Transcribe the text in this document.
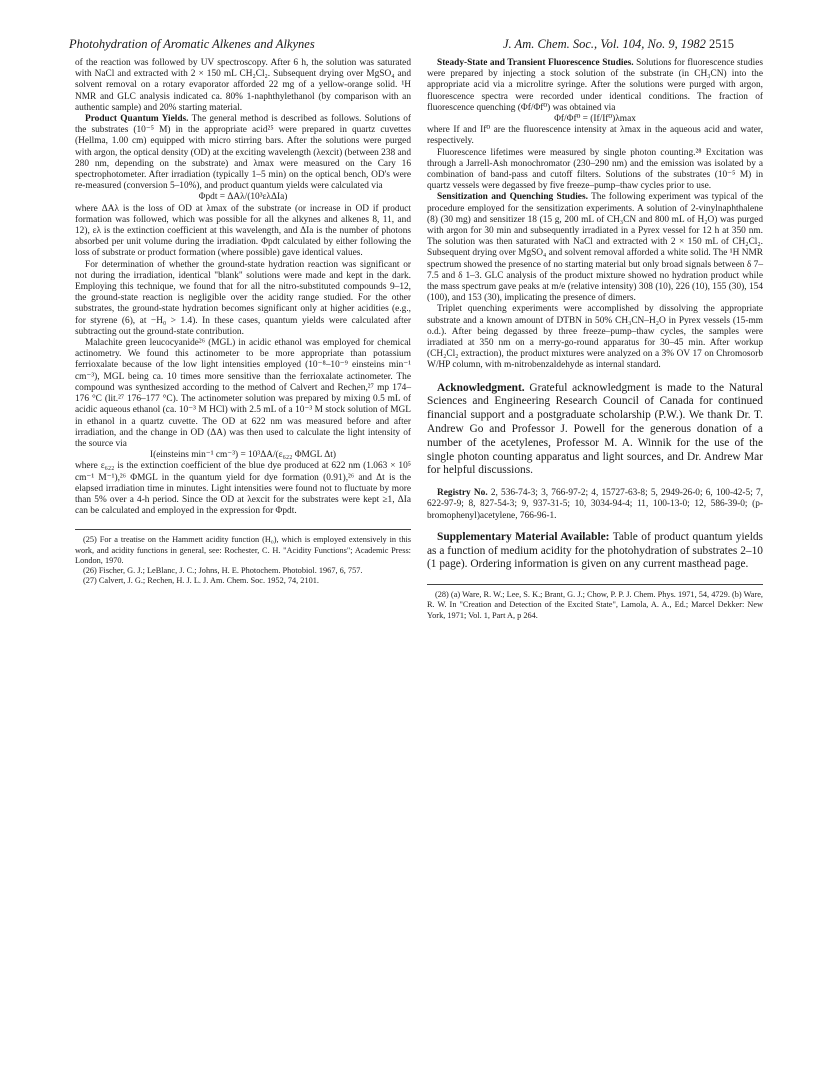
Photohydration of Aromatic Alkenes and Alkynes	J. Am. Chem. Soc., Vol. 104, No. 9, 1982 2515

of the reaction was followed by UV spectroscopy. After 6 h, the solution was saturated with NaCl and extracted with 2 × 150 mL CH₂Cl₂. Subsequent drying over MgSO₄ and solvent removal on a rotary evaporator afforded 22 mg of a yellow-orange solid. ¹H NMR and GLC analysis indicated ca. 80% 1-naphthylethanol (by comparison with an authentic sample) and 20% starting material.

Product Quantum Yields. The general method is described as follows. Solutions of the substrates (10⁻⁵ M) in the appropriate acid²⁵ were prepared in quartz cuvettes (Hellma, 1.00 cm) equipped with micro stirring bars. After the solutions were purged with argon, the optical density (OD) at the exciting wavelength (λexcit) (between 238 and 280 nm, depending on the substrate) and λmax were measured on the Cary 16 spectrophotometer. After irradiation (typically 1–5 min) on the optical bench, OD's were re-measured (conversion 5–10%), and product quantum yields were calculated via

Φpdt = ΔAλ/(10³ελΔIa)

where ΔAλ is the loss of OD at λmax of the substrate (or increase in OD if product formation was followed, which was possible for all the alkynes and alkenes 8, 11, and 12), ελ is the extinction coefficient at this wavelength, and ΔIa is the number of photons absorbed per unit volume during the irradiation. Φpdt calculated by either following the loss of substrate or product formation (where possible) gave identical values.

For determination of whether the ground-state hydration reaction was significant or not during the irradiation, identical "blank" solutions were made and kept in the dark. Employing this technique, we found that for all the nitro-substituted compounds 9–12, the ground-state reaction is negligible over the acidity range studied. For the other substrates, the ground-state hydration becomes significant only at higher acidities (e.g., for styrene (6), at −H₀ > 1.4). In these cases, quantum yields were calculated after subtracting out the ground-state contribution.

Malachite green leucocyanide²⁶ (MGL) in acidic ethanol was employed for chemical actinometry. We found this actinometer to be more appropriate than potassium ferrioxalate because of the low light intensities employed (10⁻⁸–10⁻⁹ einsteins min⁻¹ cm⁻³), MGL being ca. 10 times more sensitive than the ferrioxalate actinometer. The compound was synthesized according to the method of Calvert and Rechen,²⁷ mp 174–176 °C (lit.²⁷ 176–177 °C). The actinometer solution was prepared by mixing 0.5 mL of acidic aqueous ethanol (ca. 10⁻³ M HCl) with 2.5 mL of a 10⁻³ M stock solution of MGL in ethanol in a quartz cuvette. The OD at 622 nm was measured before and after irradiation, and the change in OD (ΔA) was then used to calculate the light intensity of the source via

I(einsteins min⁻¹ cm⁻³) = 10³ΔA/(ε₆₂₂ ΦMGL Δt)

where ε₆₂₂ is the extinction coefficient of the blue dye produced at 622 nm (1.063 × 10⁵ cm⁻¹ M⁻¹),²⁶ ΦMGL in the quantum yield for dye formation (0.91),²⁶ and Δt is the elapsed irradiation time in minutes. Light intensities were found not to fluctuate by more than 5% over a 4-h period. Since the OD at λexcit for the substrates were kept ≥1, ΔIa can be calculated and employed in the expression for Φpdt.

(25) For a treatise on the Hammett acidity function (H₀), which is employed extensively in this work, and acidity functions in general, see: Rochester, C. H. "Acidity Functions"; Academic Press: London, 1970.

(26) Fischer, G. J.; LeBlanc, J. C.; Johns, H. E. Photochem. Photobiol. 1967, 6, 757.

(27) Calvert, J. G.; Rechen, H. J. L. J. Am. Chem. Soc. 1952, 74, 2101.

Steady-State and Transient Fluorescence Studies. Solutions for fluorescence studies were prepared by injecting a stock solution of the substrate (in CH₃CN) into the appropriate acid via a microlitre syringe. After the solutions were purged with argon, fluorescence spectra were recorded under identical conditions. The fraction of fluorescence quenching (Φf/Φf⁰) was obtained via

Φf/Φf⁰ = (If/If⁰)λmax

where If and If⁰ are the fluorescence intensity at λmax in the aqueous acid and water, respectively.

Fluorescence lifetimes were measured by single photon counting.²⁸ Excitation was through a Jarrell-Ash monochromator (230–290 nm) and the emission was isolated by a combination of band-pass and cutoff filters. Solutions of the substrates (10⁻⁵ M) in quartz vessels were degassed by five freeze–pump–thaw cycles prior to use.

Sensitization and Quenching Studies. The following experiment was typical of the procedure employed for the sensitization experiments. A solution of 2-vinylnaphthalene (8) (30 mg) and sensitizer 18 (15 g, 200 mL of CH₃CN and 800 mL of H₂O) was purged with argon for 30 min and subsequently irradiated in a Pyrex vessel for 12 h at 350 nm. The solution was then saturated with NaCl and extracted with 2 × 150 mL of CH₂Cl₂. Subsequent drying over MgSO₄ and solvent removal afforded a white solid. The ¹H NMR spectrum showed the presence of no starting material but only broad signals between δ 7–7.5 and δ 1–3. GLC analysis of the product mixture showed no hydration product while the mass spectrum gave peaks at m/e (relative intensity) 308 (10), 226 (10), 155 (30), 154 (100), and 153 (30), implicating the presence of dimers.

Triplet quenching experiments were accomplished by dissolving the appropriate substrate and a known amount of DTBN in 50% CH₃CN–H₂O in Pyrex vessels (15-mm o.d.). After being degassed by three freeze–pump–thaw cycles, the samples were irradiated at 350 nm on a merry-go-round apparatus for 30–45 min. After workup (CH₂Cl₂ extraction), the product mixtures were analyzed on a 3% OV 17 on Chromosorb W/HP column, with m-nitrobenzaldehyde as internal standard.

Acknowledgment. Grateful acknowledgment is made to the Natural Sciences and Engineering Research Council of Canada for continued financial support and a postgraduate scholarship (P.W.). We thank Dr. T. Andrew Go and Professor J. Powell for the generous donation of a number of the acetylenes, Professor M. A. Winnik for the use of the single photon counting apparatus and light sources, and Dr. Andrew Mar for helpful discussions.

Registry No. 2, 536-74-3; 3, 766-97-2; 4, 15727-63-8; 5, 2949-26-0; 6, 100-42-5; 7, 622-97-9; 8, 827-54-3; 9, 937-31-5; 10, 3034-94-4; 11, 100-13-0; 12, 586-39-0; (p-bromophenyl)acetylene, 766-96-1.

Supplementary Material Available: Table of product quantum yields as a function of medium acidity for the photohydration of substrates 2–10 (1 page). Ordering information is given on any current masthead page.

(28) (a) Ware, R. W.; Lee, S. K.; Brant, G. J.; Chow, P. P. J. Chem. Phys. 1971, 54, 4729. (b) Ware, R. W. In "Creation and Detection of the Excited State", Lamola, A. A., Ed.; Marcel Dekker: New York, 1971; Vol. 1, Part A, p 264.
